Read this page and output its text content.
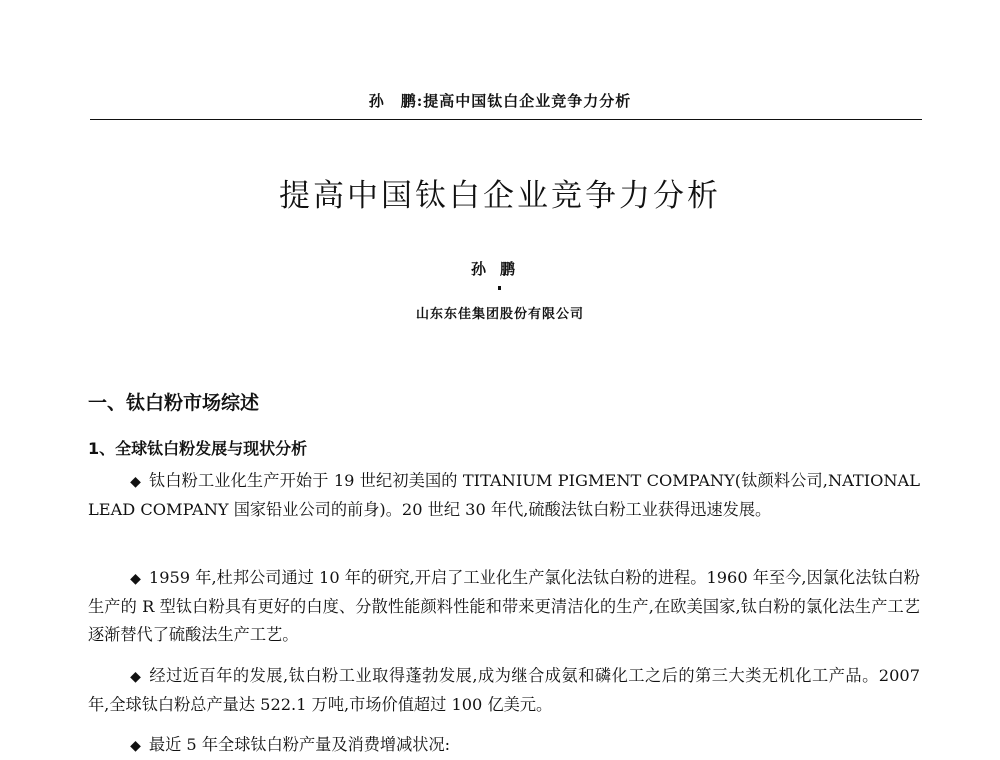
孙　鹏:提高中国钛白企业竞争力分析
提高中国钛白企业竞争力分析
孙鹏
山东东佳集团股份有限公司
一、钛白粉市场综述
1、全球钛白粉发展与现状分析

◆ 钛白粉工业化生产开始于 19 世纪初美国的 TITANIUM PIGMENT COMPANY(钛颜料公司,NATIONAL LEAD COMPANY 国家铅业公司的前身)。20 世纪 30 年代,硫酸法钛白粉工业获得迅速发展。

◆ 1959 年,杜邦公司通过 10 年的研究,开启了工业化生产氯化法钛白粉的进程。1960 年至今,因氯化法钛白粉生产的 R 型钛白粉具有更好的白度、分散性能颜料性能和带来更清洁化的生产,在欧美国家,钛白粉的氯化法生产工艺逐渐替代了硫酸法生产工艺。

◆ 经过近百年的发展,钛白粉工业取得蓬勃发展,成为继合成氨和磷化工之后的第三大类无机化工产品。2007 年,全球钛白粉总产量达 522.1 万吨,市场价值超过 100 亿美元。

◆ 最近 5 年全球钛白粉产量及消费增减状况:
